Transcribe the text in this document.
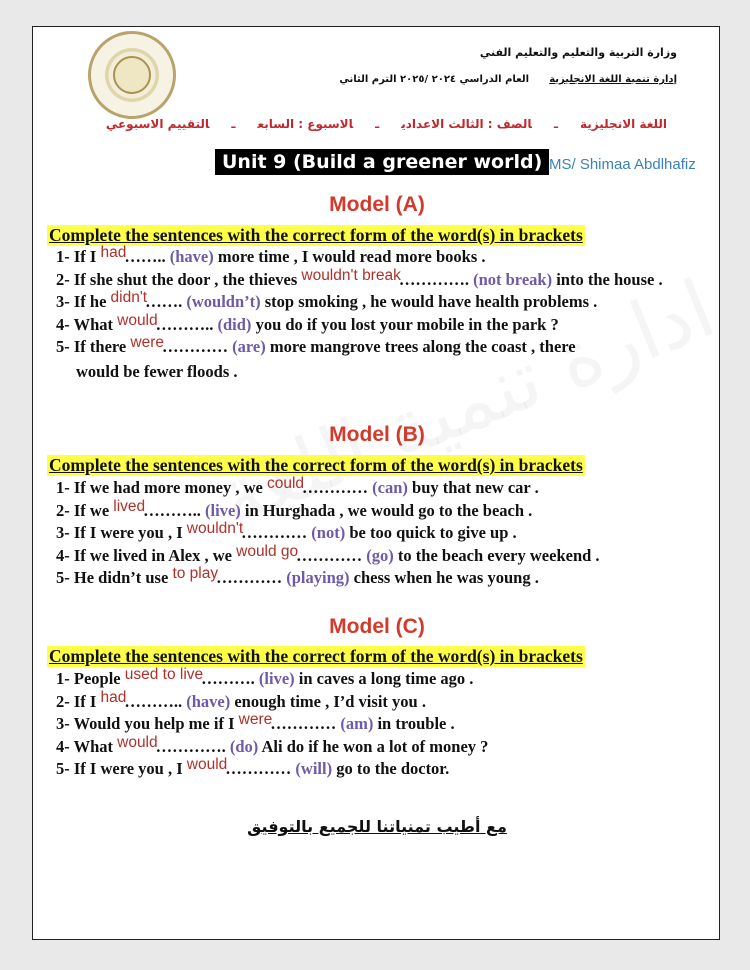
وزارة التربية والتعليم والتعليم الفني
إدارة تنمية اللغة الانجليزية
العام الدراسي ٢٠٢٤ /٢٠٢٥ الترم الثاني
اللغة الانجليزيةـالصف : الثالث الاعداديـالاسبوع : السابعـالتقييم الاسبوعي
Unit 9 (Build a greener world) MS/ Shimaa Abdlhafiz
Model (A)
Complete the sentences with the correct form of the word(s) in brackets
1- If I had…….. (have) more time , I would read more books .
2- If she shut the door , the thieves wouldn't break…………. (not break) into the house .
3- If he didn't……. (wouldn’t) stop smoking , he would have health problems .
4- What would……….. (did) you do if you lost your mobile in the park ?
5- If there were………… (are) more mangrove trees along the coast , there
would be fewer floods .
Model (B)
Complete the sentences with the correct form of the word(s) in brackets
1- If we had more money , we could………… (can) buy that new car .
2- If we lived……….. (live) in Hurghada , we would go to the beach .
3- If I were you , I wouldn't………… (not) be too quick to give up .
4- If we lived in Alex , we would go………… (go) to the beach every weekend .
5- He didn’t use to play………… (playing) chess when he was young .
Model (C)
Complete the sentences with the correct form of the word(s) in brackets
1- People used to live………. (live) in caves a long time ago .
2- If I had……….. (have) enough time , I’d visit you .
3- Would you help me if I were………… (am) in trouble .
4- What would…………. (do) Ali do if he won a lot of money ?
5- If I were you , I would………… (will) go to the doctor.
مع أطيب تمنياتنا للجميع بالتوفيق
